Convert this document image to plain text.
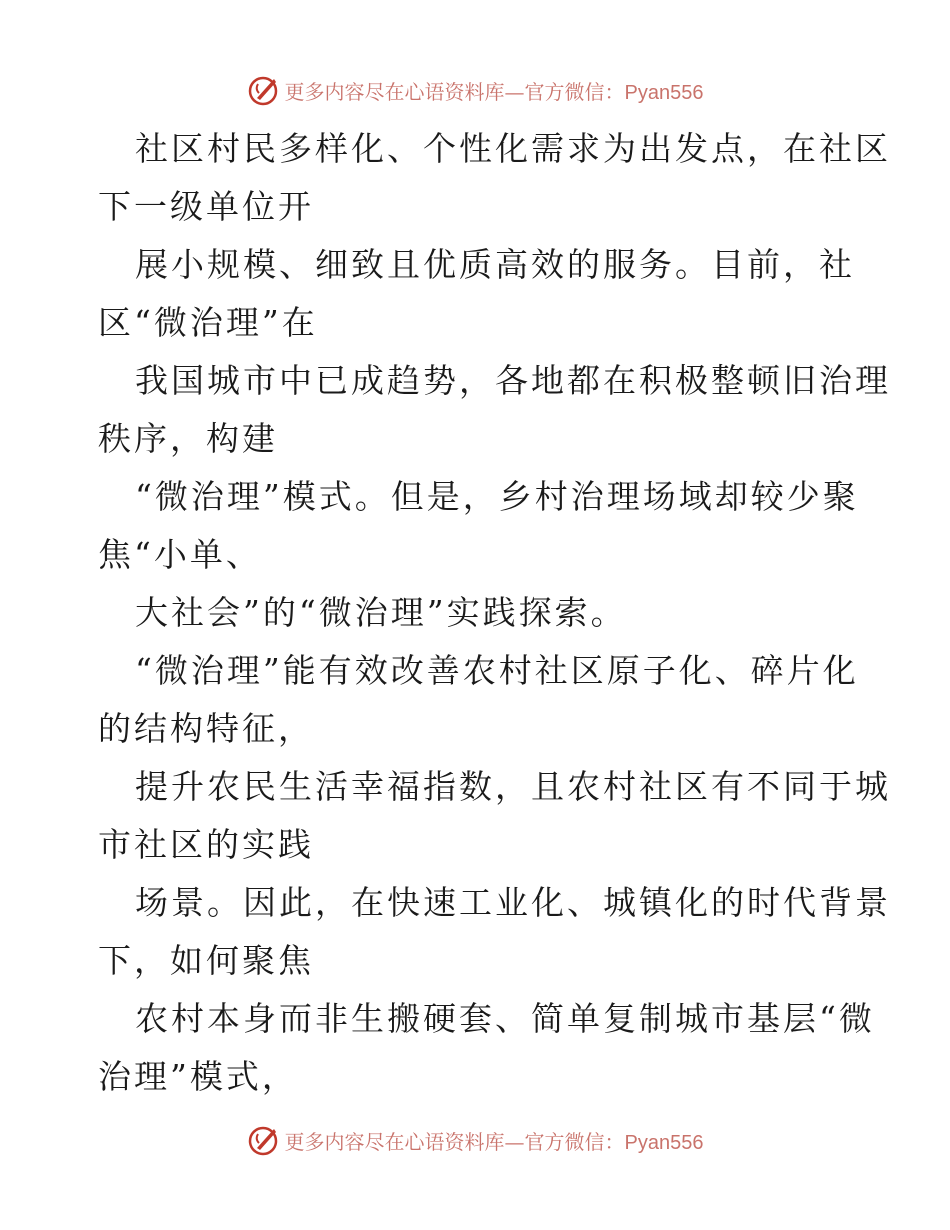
更多内容尽在心语资料库—官方微信：Pyan556
社区村民多样化、个性化需求为出发点，在社区
下一级单位开
展小规模、细致且优质高效的服务。目前，社
区“微治理”在
我国城市中已成趋势，各地都在积极整顿旧治理
秩序，构建
“微治理”模式。但是，乡村治理场域却较少聚
焦“小单、
大社会”的“微治理”实践探索。
“微治理”能有效改善农村社区原子化、碎片化
的结构特征，
提升农民生活幸福指数，且农村社区有不同于城
市社区的实践
场景。因此，在快速工业化、城镇化的时代背景
下，如何聚焦
农村本身而非生搬硬套、简单复制城市基层“微
治理”模式，
更多内容尽在心语资料库—官方微信：Pyan556
